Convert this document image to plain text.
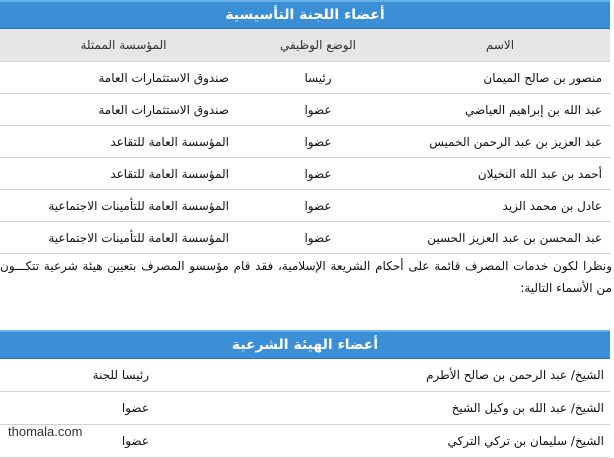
أعضاء اللجنة التأسيسية
الاسم	الوضع الوظيفي	المؤسسة الممثلة
منصور بن صالح الميمان	رئيسا	صندوق الاستثمارات العامة
عبد الله بن إبراهيم العياضي	عضوا	صندوق الاستثمارات العامة
عبد العزيز بن عبد الرحمن الخميس	عضوا	المؤسسة العامة للتقاعد
أحمد بن عبد الله النخيلان	عضوا	المؤسسة العامة للتقاعد
عادل بن محمد الزيد	عضوا	المؤسسة العامة للتأمينات الاجتماعية
عبد المحسن بن عبد العزيز الحسين	عضوا	المؤسسة العامة للتأمينات الاجتماعية
ونظرا لكون خدمات المصرف قائمة على أحكام الشريعة الإسلامية، فقد قام مؤسسو المصرف بتعيين هيئة شرعية تتكـــون من الأسماء التالية:
أعضاء الهيئة الشرعية
الشيخ/ عبد الرحمن بن صالح الأطرم	رئيسا للجنة
الشيخ/ عبد الله بن وكيل الشيخ	عضوا
الشيخ/ سليمان بن تركي التركي	عضوا
thomala.com
